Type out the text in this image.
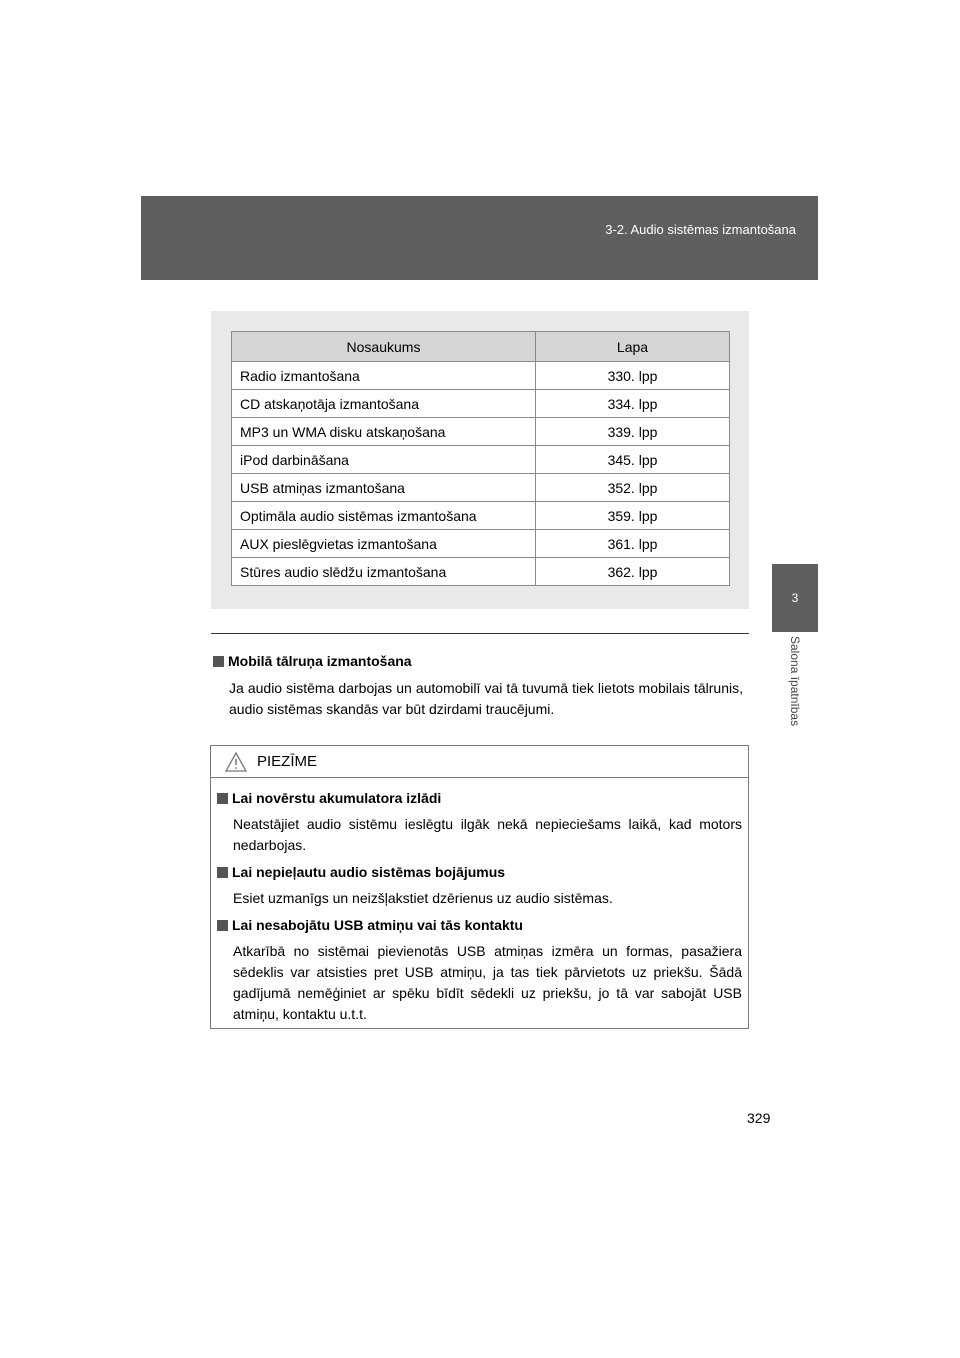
3-2. Audio sistēmas izmantošana
3
Salona īpatnības
Nosaukums	Lapa
Radio izmantošana	330. lpp
CD atskaņotāja izmantošana	334. lpp
MP3 un WMA disku atskaņošana	339. lpp
iPod darbināšana	345. lpp
USB atmiņas izmantošana	352. lpp
Optimāla audio sistēmas izmantošana	359. lpp
AUX pieslēgvietas izmantošana	361. lpp
Stūres audio slēdžu izmantošana	362. lpp
Mobilā tālruņa izmantošana
Ja audio sistēma darbojas un automobilī vai tā tuvumā tiek lietots mobilais tālrunis, audio sistēmas skandās var būt dzirdami traucējumi.
PIEZĪME
Lai novērstu akumulatora izlādi
Neatstājiet audio sistēmu ieslēgtu ilgāk nekā nepieciešams laikā, kad motors nedarbojas.
Lai nepieļautu audio sistēmas bojājumus
Esiet uzmanīgs un neizšļakstiet dzērienus uz audio sistēmas.
Lai nesabojātu USB atmiņu vai tās kontaktu
Atkarībā no sistēmai pievienotās USB atmiņas izmēra un formas, pasažiera sēdeklis var atsisties pret USB atmiņu, ja tas tiek pārvietots uz priekšu. Šādā gadījumā nemēģiniet ar spēku bīdīt sēdekli uz priekšu, jo tā var sabojāt USB atmiņu, kontaktu u.t.t.
329
